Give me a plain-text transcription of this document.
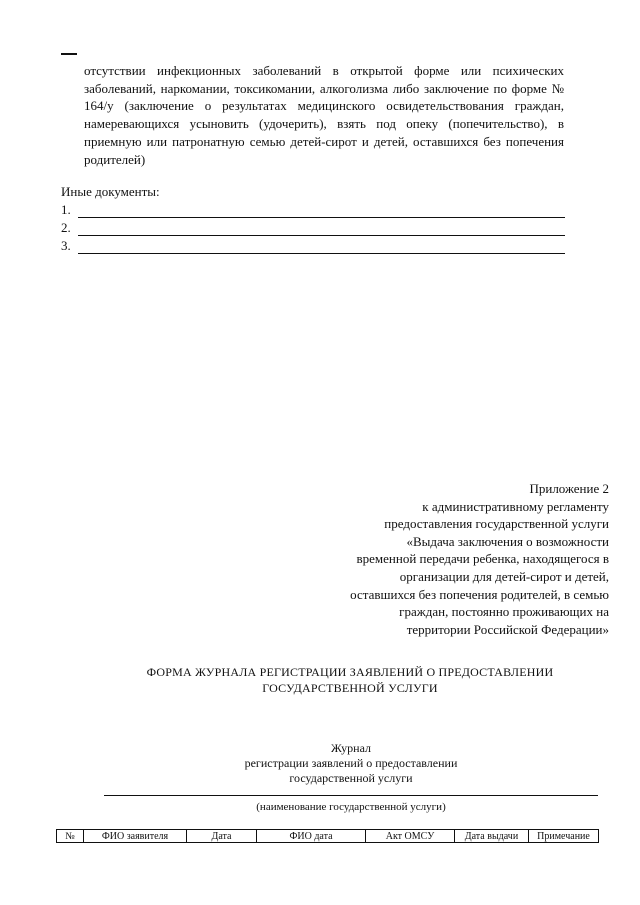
отсутствии инфекционных заболеваний в открытой форме или психических заболеваний, наркомании, токсикомании, алкоголизма либо заключение по форме № 164/у (заключение о результатах медицинского освидетельствования граждан, намеревающихся усыновить (удочерить), взять под опеку (попечительство), в приемную или патронатную семью детей-сирот и детей, оставшихся без попечения родителей)
Иные документы:
1.
2.
3.
Приложение 2
к административному регламенту
предоставления государственной услуги
«Выдача заключения о возможности
временной передачи ребенка, находящегося в
организации для детей-сирот и детей,
оставшихся без попечения родителей, в семью
граждан, постоянно проживающих на
территории Российской Федерации»
ФОРМА ЖУРНАЛА РЕГИСТРАЦИИ ЗАЯВЛЕНИЙ О ПРЕДОСТАВЛЕНИИ
ГОСУДАРСТВЕННОЙ УСЛУГИ
Журнал
регистрации заявлений о предоставлении
государственной услуги
(наименование государственной услуги)
№	ФИО заявителя	Дата	ФИО дата	Акт ОМСУ	Дата выдачи	Примечание
